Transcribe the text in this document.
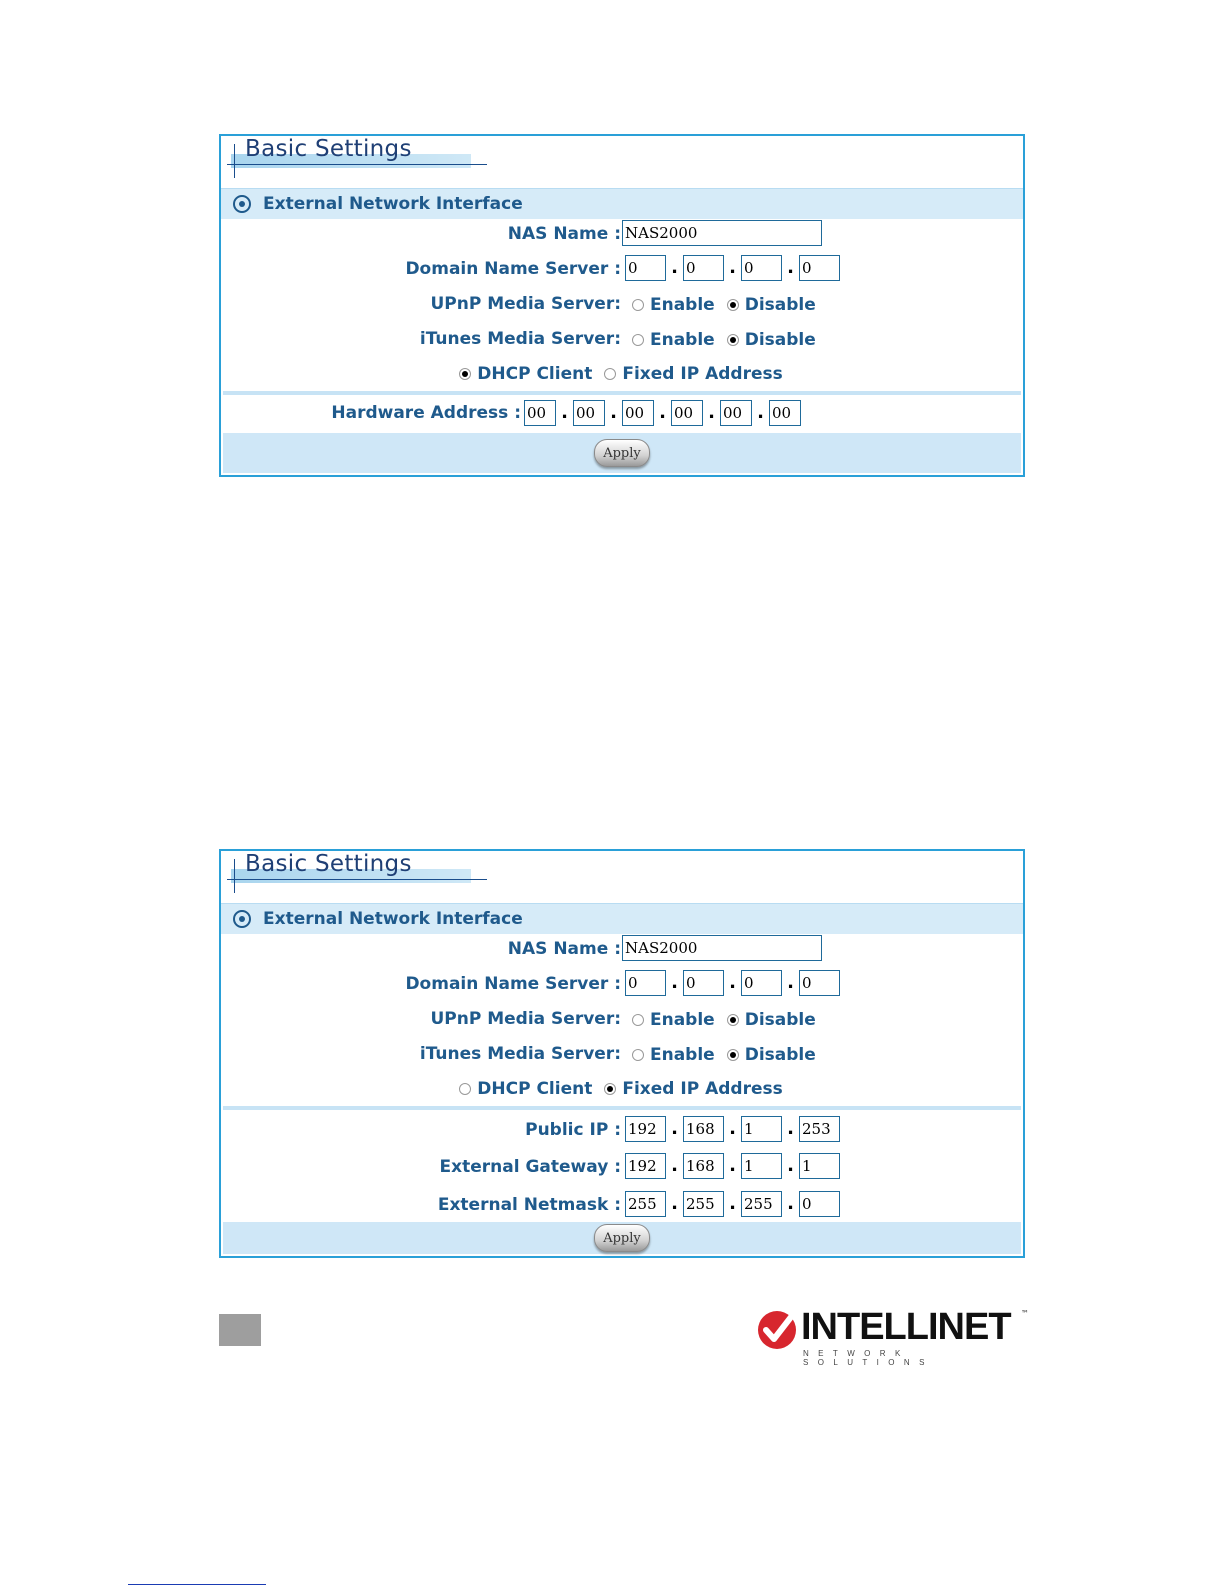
Basic Settings
External Network Interface
NAS Name : NAS2000
Domain Name Server : 0	. 0	. 0	. 0
UPnP Media Server: Enable Disable
iTunes Media Server: Enable Disable
DHCP Client Fixed IP Address
Hardware Address : 00 . 00 . 00 . 00 . 00 . 00
Apply
Basic Settings
External Network Interface
NAS Name : NAS2000
Domain Name Server : 0	. 0	. 0	. 0
UPnP Media Server: Enable Disable
iTunes Media Server: Enable Disable
DHCP Client Fixed IP Address
Public IP : 192 . 168 . 1	. 253
External Gateway : 192 . 168 . 1	. 1
External Netmask : 255 . 255 . 255 . 0
Apply
INTELLINET ™
NETWORK SOLUTIONS
